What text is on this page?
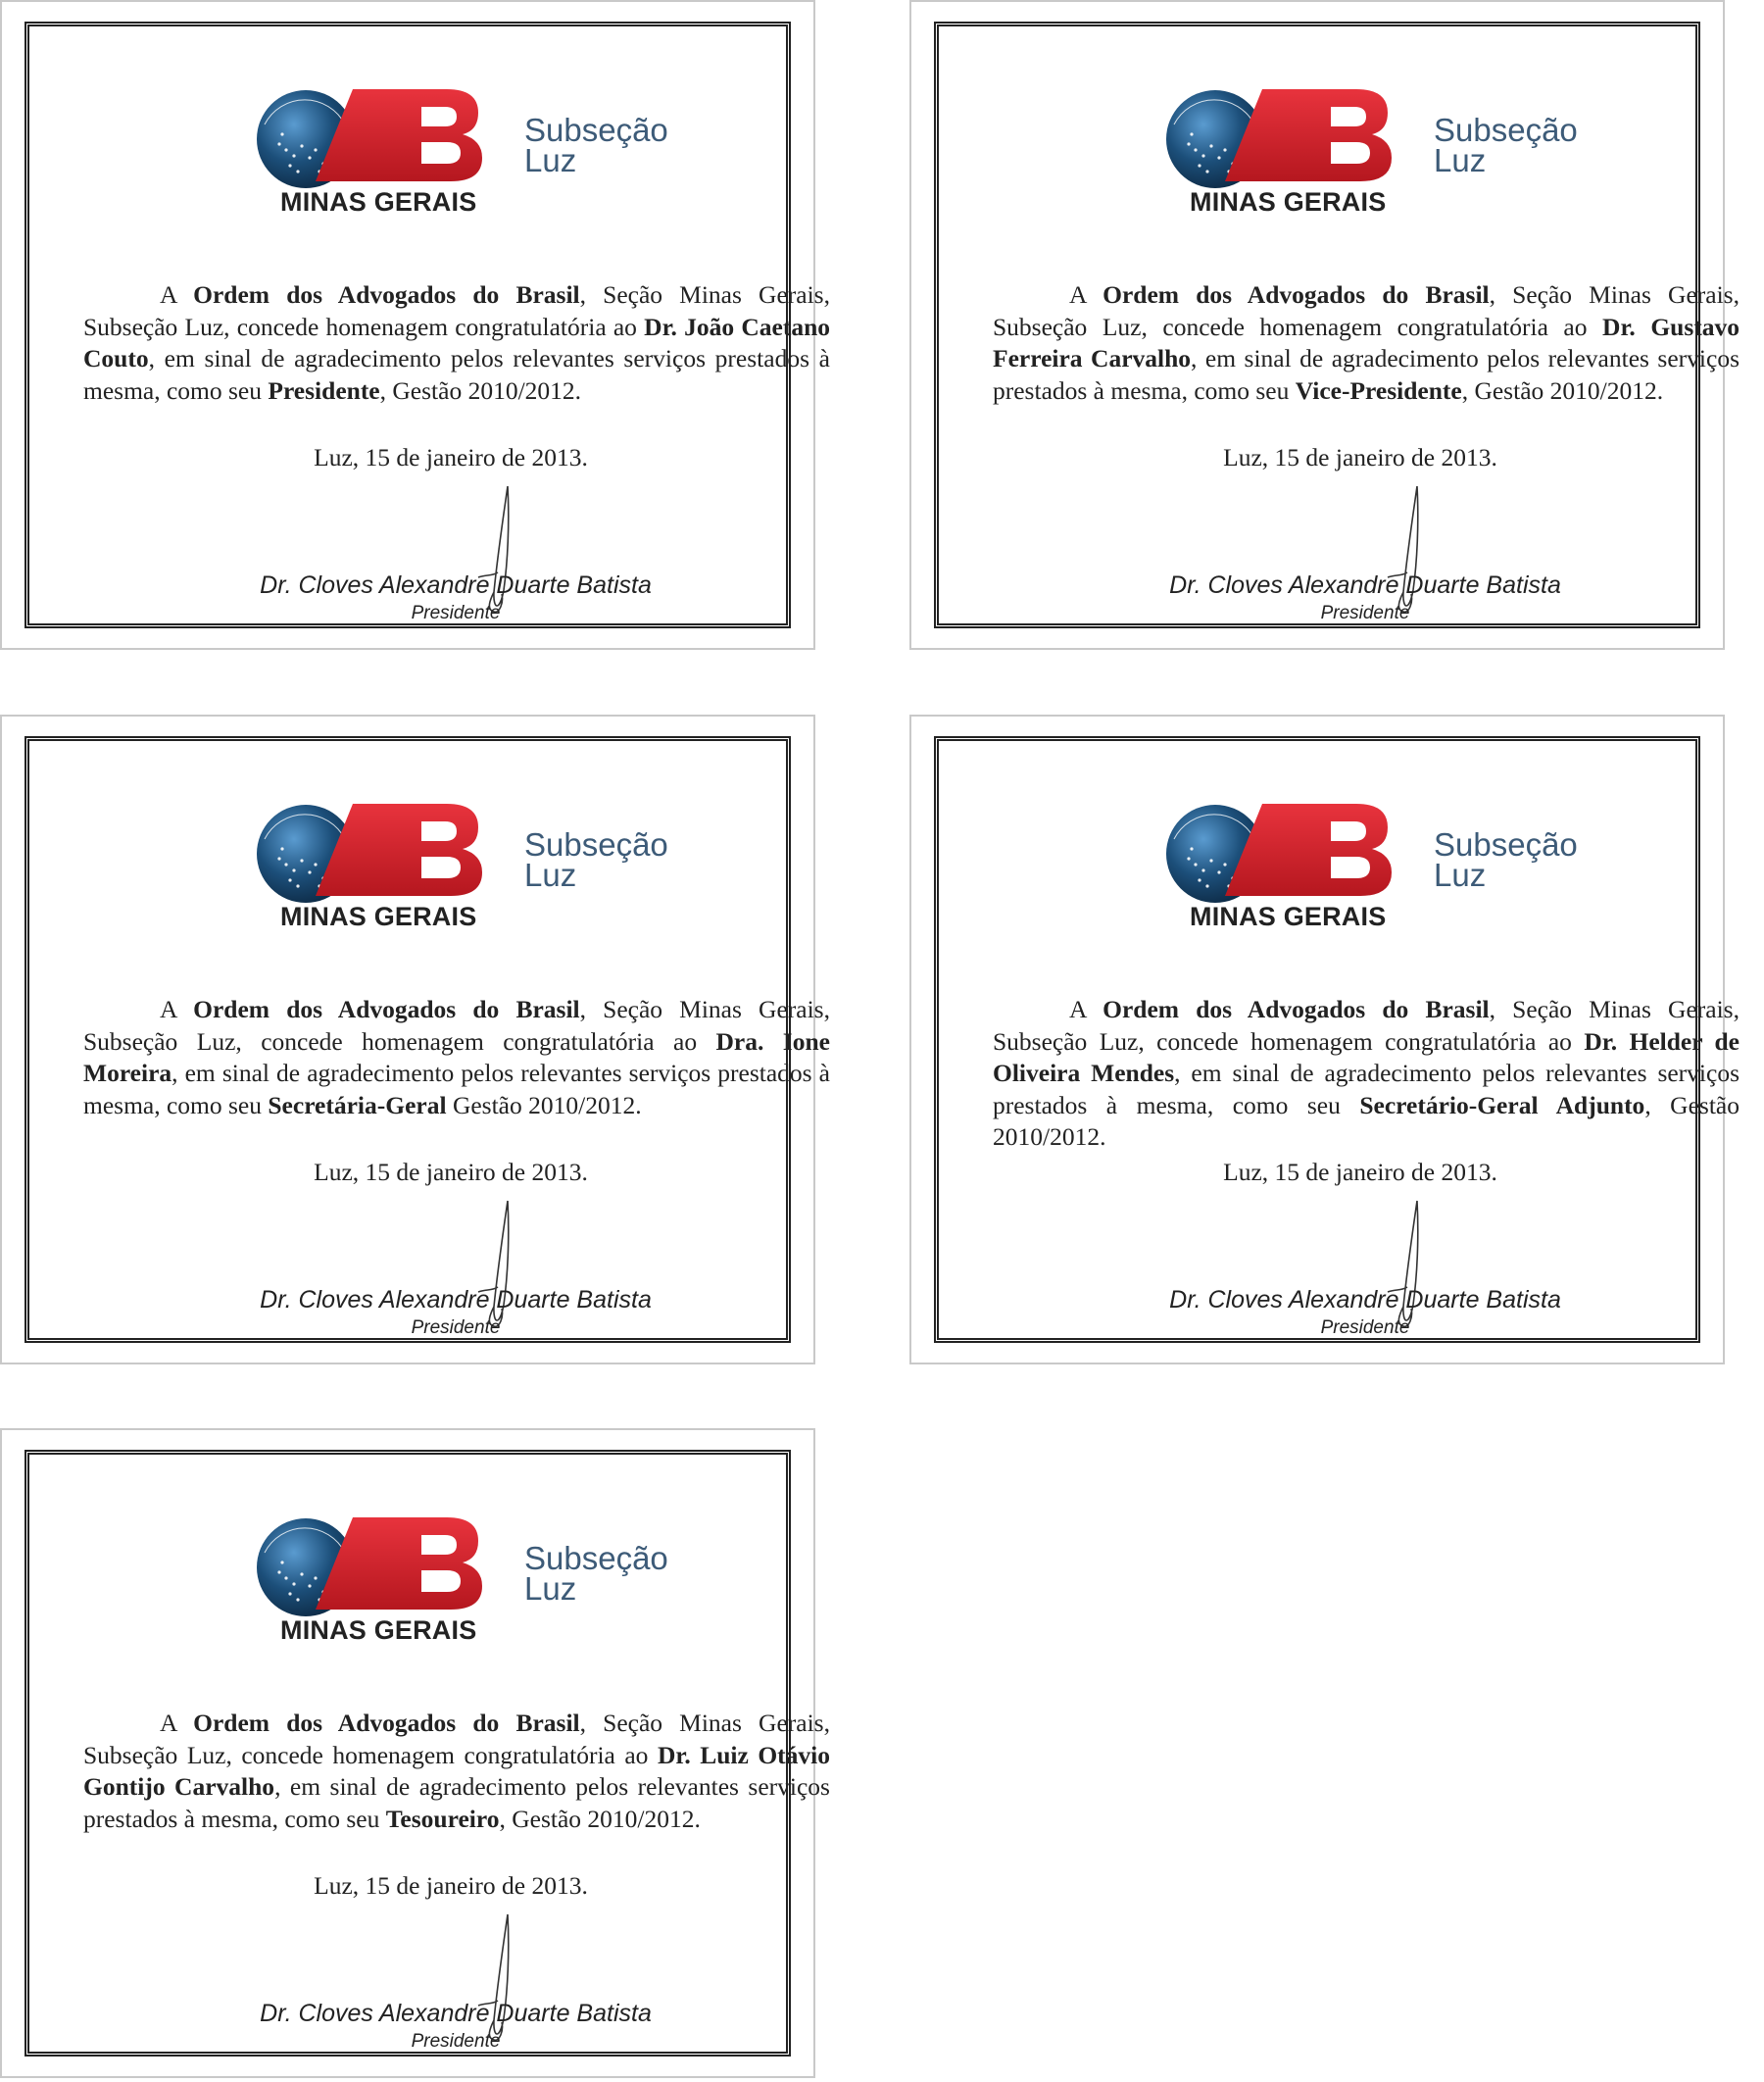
Subseção
Luz
MINAS GERAIS

A Ordem dos Advogados do Brasil, Seção Minas Gerais, Subseção Luz, concede homenagem congratulatória ao Dr. João Caetano Couto, em sinal de agradecimento pelos relevantes serviços prestados à mesma, como seu Presidente, Gestão 2010/2012.

Luz, 15 de janeiro de 2013.
Dr. Cloves Alexandre Duarte Batista
Presidente
Subseção
Luz
MINAS GERAIS

A Ordem dos Advogados do Brasil, Seção Minas Gerais, Subseção Luz, concede homenagem congratulatória ao Dr. Gustavo Ferreira Carvalho, em sinal de agradecimento pelos relevantes serviços prestados à mesma, como seu Vice-Presidente, Gestão 2010/2012.

Luz, 15 de janeiro de 2013.
Dr. Cloves Alexandre Duarte Batista
Presidente
Subseção
Luz
MINAS GERAIS

A Ordem dos Advogados do Brasil, Seção Minas Gerais, Subseção Luz, concede homenagem congratulatória ao Dra. Ione Moreira, em sinal de agradecimento pelos relevantes serviços prestados à mesma, como seu Secretária-Geral Gestão 2010/2012.

Luz, 15 de janeiro de 2013.
Dr. Cloves Alexandre Duarte Batista
Presidente
Subseção
Luz
MINAS GERAIS

A Ordem dos Advogados do Brasil, Seção Minas Gerais, Subseção Luz, concede homenagem congratulatória ao Dr. Helder de Oliveira Mendes, em sinal de agradecimento pelos relevantes serviços prestados à mesma, como seu Secretário-Geral Adjunto, Gestão 2010/2012.

Luz, 15 de janeiro de 2013.
Dr. Cloves Alexandre Duarte Batista
Presidente
Subseção
Luz
MINAS GERAIS

A Ordem dos Advogados do Brasil, Seção Minas Gerais, Subseção Luz, concede homenagem congratulatória ao Dr. Luiz Otávio Gontijo Carvalho, em sinal de agradecimento pelos relevantes serviços prestados à mesma, como seu Tesoureiro, Gestão 2010/2012.

Luz, 15 de janeiro de 2013.
Dr. Cloves Alexandre Duarte Batista
Presidente
